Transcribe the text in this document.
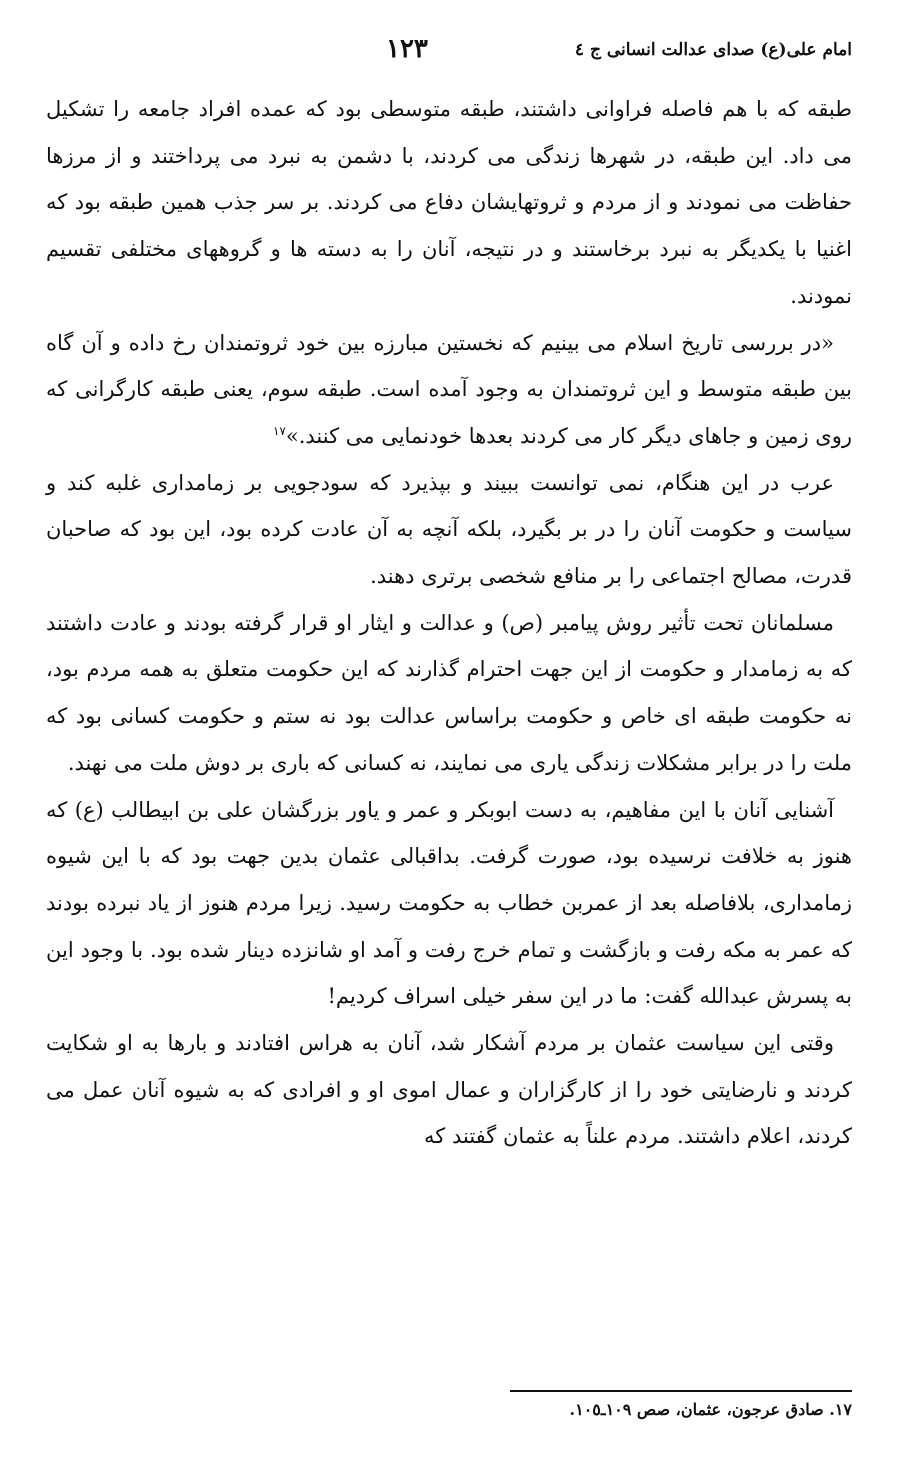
امام علی(ع) صدای عدالت انسانی ج ٤
١٢٣

طبقه که با هم فاصله فراوانی داشتند، طبقه متوسطی بود که عمده افراد جامعه را تشکیل می داد. این طبقه، در شهرها زندگی می کردند، با دشمن به نبرد می پرداختند و از مرزها حفاظت می نمودند و از مردم و ثروتهایشان دفاع می کردند. بر سر جذب همین طبقه بود که اغنیا با یکدیگر به نبرد برخاستند و در نتیجه، آنان را به دسته ها و گروههای مختلفی تقسیم نمودند.

«در بررسی تاریخ اسلام می بینیم که نخستین مبارزه بین خود ثروتمندان رخ داده و آن گاه بین طبقه متوسط و این ثروتمندان به وجود آمده است. طبقه سوم، یعنی طبقه کارگرانی که روی زمین و جاهای دیگر کار می کردند بعدها خودنمایی می کنند.»$^{١٧}$

عرب در این هنگام، نمی توانست ببیند و بپذیرد که سودجویی بر زمامداری غلبه کند و سیاست و حکومت آنان را در بر بگیرد، بلکه آنچه به آن عادت کرده بود، این بود که صاحبان قدرت، مصالح اجتماعی را بر منافع شخصی برتری دهند.

مسلمانان تحت تأثیر روش پیامبر (ص) و عدالت و ایثار او قرار گرفته بودند و عادت داشتند که به زمامدار و حکومت از این جهت احترام گذارند که این حکومت متعلق به همه مردم بود، نه حکومت طبقه ای خاص و حکومت براساس عدالت بود نه ستم و حکومت کسانی بود که ملت را در برابر مشکلات زندگی یاری می نمایند، نه کسانی که باری بر دوش ملت می نهند.

آشنایی آنان با این مفاهیم، به دست ابوبکر و عمر و یاور بزرگشان علی بن ابیطالب (ع) که هنوز به خلافت نرسیده بود، صورت گرفت. بداقبالی عثمان بدین جهت بود که با این شیوه زمامداری، بلافاصله بعد از عمربن خطاب به حکومت رسید. زیرا مردم هنوز از یاد نبرده بودند که عمر به مکه رفت و بازگشت و تمام خرج رفت و آمد او شانزده دینار شده بود. با وجود این به پسرش عبدالله گفت: ما در این سفر خیلی اسراف کردیم!

وقتی این سیاست عثمان بر مردم آشکار شد، آنان به هراس افتادند و بارها به او شکایت کردند و نارضایتی خود را از کارگزاران و عمال اموی او و افرادی که به شیوه آنان عمل می کردند، اعلام داشتند. مردم علناً به عثمان گفتند که

١٧. صادق عرجون، عثمان، صص ١٠٩ـ١٠٥.
